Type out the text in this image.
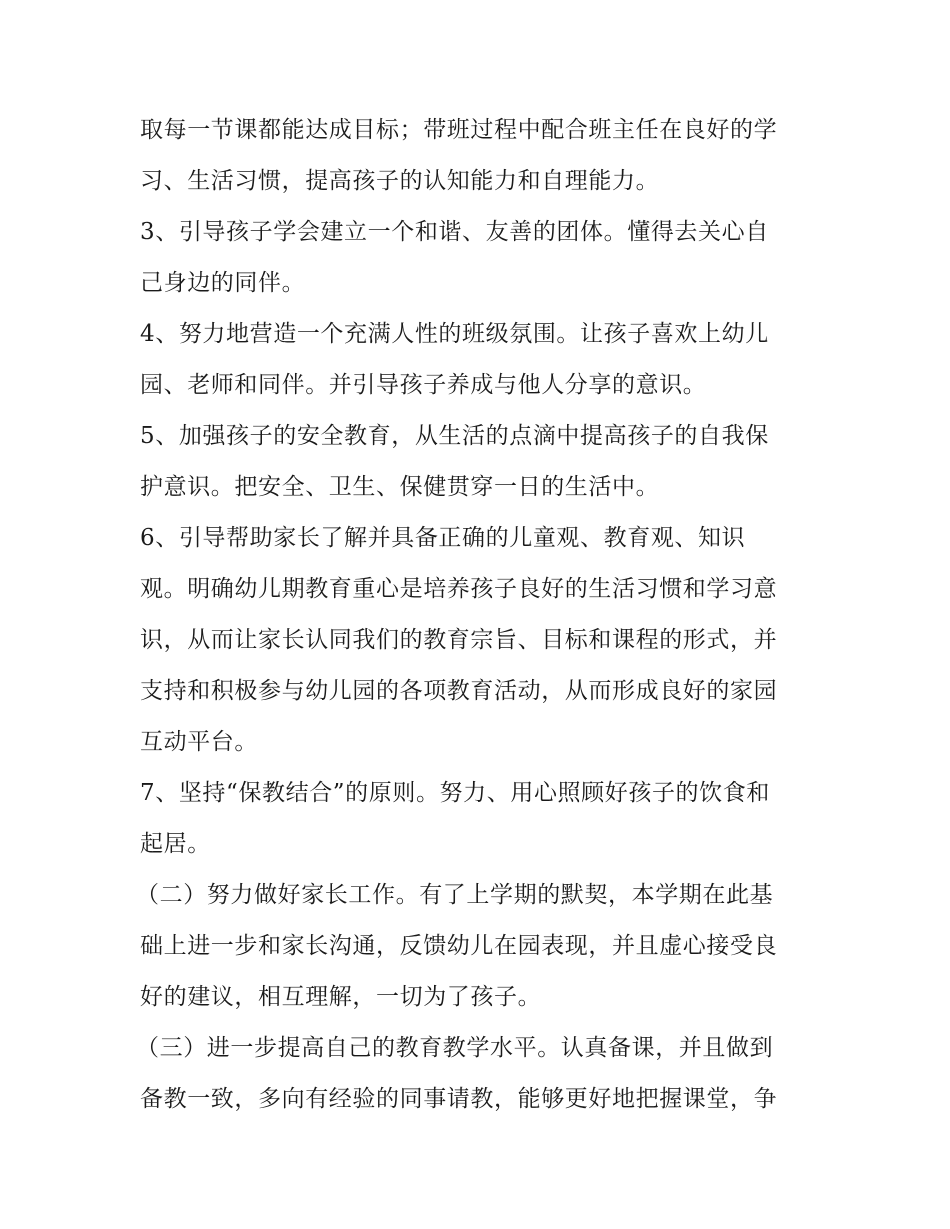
取每一节课都能达成目标；带班过程中配合班主任在良好的学
习、生活习惯，提高孩子的认知能力和自理能力。
3、引导孩子学会建立一个和谐、友善的团体。懂得去关心自
己身边的同伴。
4、努力地营造一个充满人性的班级氛围。让孩子喜欢上幼儿
园、老师和同伴。并引导孩子养成与他人分享的意识。
5、加强孩子的安全教育，从生活的点滴中提高孩子的自我保
护意识。把安全、卫生、保健贯穿一日的生活中。
6、引导帮助家长了解并具备正确的儿童观、教育观、知识
观。明确幼儿期教育重心是培养孩子良好的生活习惯和学习意
识，从而让家长认同我们的教育宗旨、目标和课程的形式，并
支持和积极参与幼儿园的各项教育活动，从而形成良好的家园
互动平台。
7、坚持“保教结合”的原则。努力、用心照顾好孩子的饮食和
起居。
（二）努力做好家长工作。有了上学期的默契，本学期在此基
础上进一步和家长沟通，反馈幼儿在园表现，并且虚心接受良
好的建议，相互理解，一切为了孩子。
（三）进一步提高自己的教育教学水平。认真备课，并且做到
备教一致，多向有经验的同事请教，能够更好地把握课堂，争
